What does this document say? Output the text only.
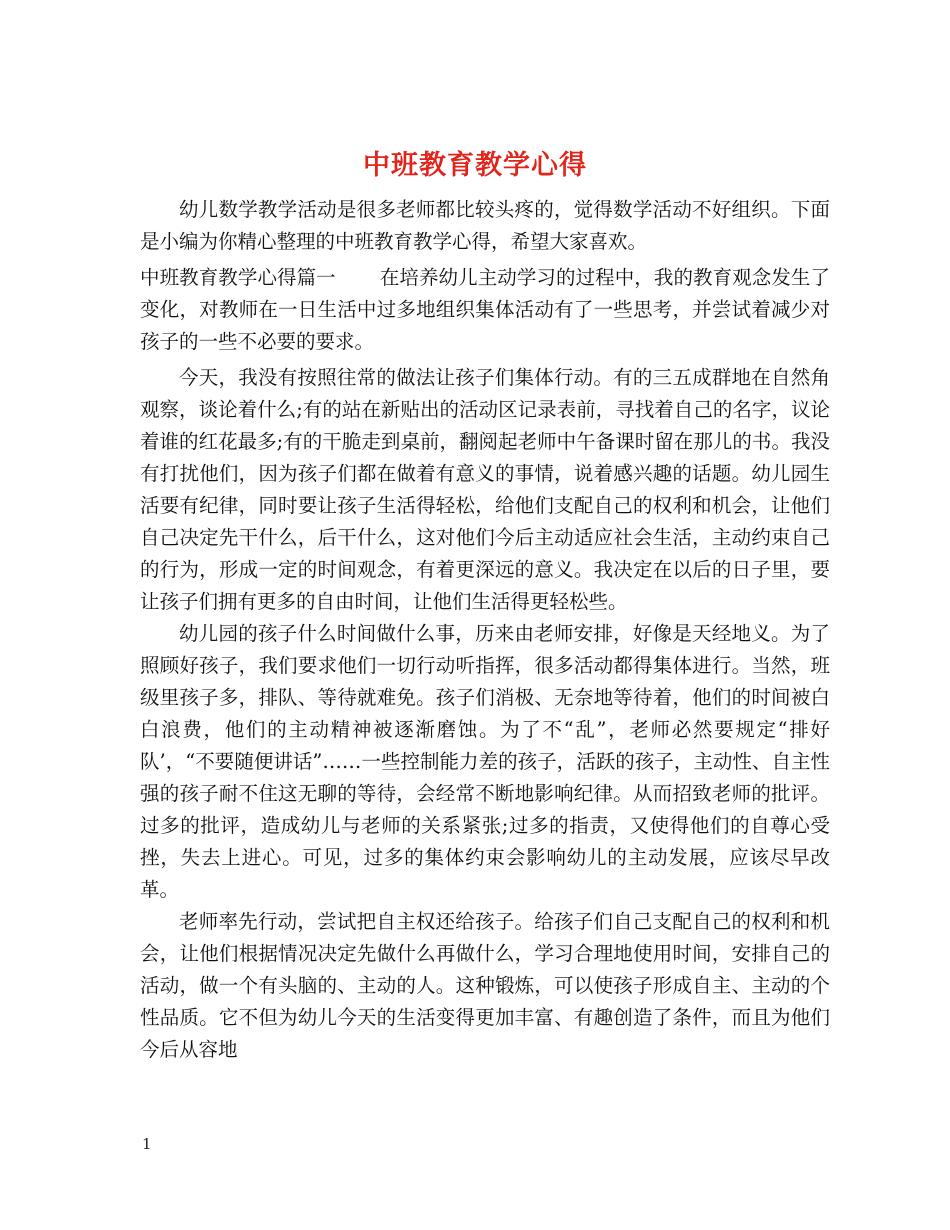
中班教育教学心得

幼儿数学教学活动是很多老师都比较头疼的，觉得数学活动不好组织。下面是小编为你精心整理的中班教育教学心得，希望大家喜欢。

中班教育教学心得篇一 在培养幼儿主动学习的过程中，我的教育观念发生了变化，对教师在一日生活中过多地组织集体活动有了一些思考，并尝试着减少对孩子的一些不必要的要求。

今天，我没有按照往常的做法让孩子们集体行动。有的三五成群地在自然角观察，谈论着什么;有的站在新贴出的活动区记录表前，寻找着自己的名字，议论着谁的红花最多;有的干脆走到桌前，翻阅起老师中午备课时留在那儿的书。我没有打扰他们，因为孩子们都在做着有意义的事情，说着感兴趣的话题。幼儿园生活要有纪律，同时要让孩子生活得轻松，给他们支配自己的权利和机会，让他们自己决定先干什么，后干什么，这对他们今后主动适应社会生活，主动约束自己的行为，形成一定的时间观念，有着更深远的意义。我决定在以后的日子里，要让孩子们拥有更多的自由时间，让他们生活得更轻松些。

幼儿园的孩子什么时间做什么事，历来由老师安排，好像是天经地义。为了照顾好孩子，我们要求他们一切行动听指挥，很多活动都得集体进行。当然，班级里孩子多，排队、等待就难免。孩子们消极、无奈地等待着，他们的时间被白白浪费，他们的主动精神被逐渐磨蚀。为了不“乱”，老师必然要规定“排好队’，“不要随便讲话”……一些控制能力差的孩子，活跃的孩子，主动性、自主性强的孩子耐不住这无聊的等待，会经常不断地影响纪律。从而招致老师的批评。过多的批评，造成幼儿与老师的关系紧张;过多的指责，又使得他们的自尊心受挫，失去上进心。可见，过多的集体约束会影响幼儿的主动发展，应该尽早改革。

老师率先行动，尝试把自主权还给孩子。给孩子们自己支配自己的权利和机会，让他们根据情况决定先做什么再做什么，学习合理地使用时间，安排自己的活动，做一个有头脑的、主动的人。这种锻炼，可以使孩子形成自主、主动的个性品质。它不但为幼儿今天的生活变得更加丰富、有趣创造了条件，而且为他们今后从容地

1
